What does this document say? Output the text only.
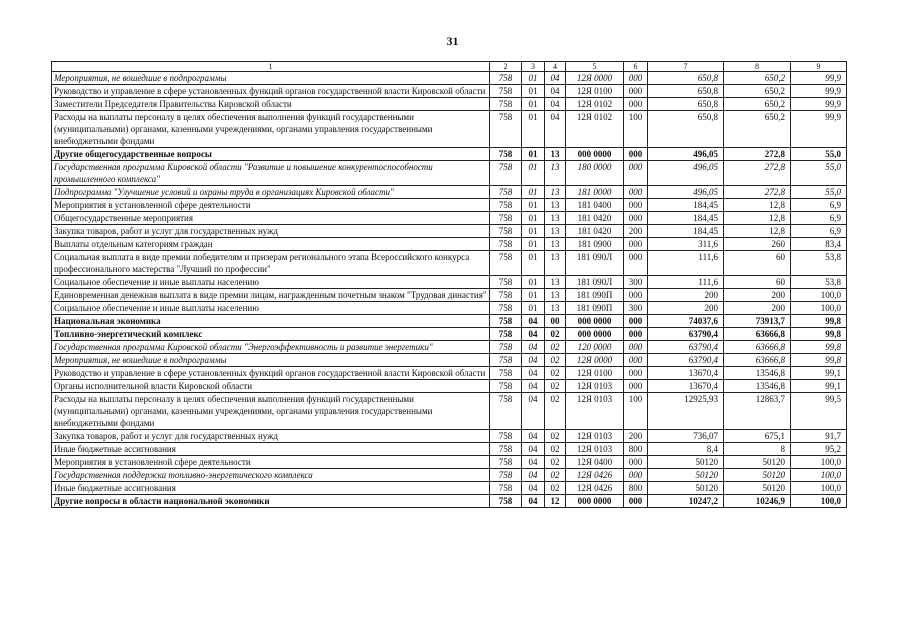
31
1	2	3	4	5	6	7	8	9
Мероприятия, не вошедшие в подпрограммы	758	01	04	12Я 0000	000	650,8	650,2	99,9
Руководство и управление в сфере установленных функций органов государственной власти Кировской области	758	01	04	12Я 0100	000	650,8	650,2	99,9
Заместители Председателя Правительства Кировской области	758	01	04	12Я 0102	000	650,8	650,2	99,9
Расходы на выплаты персоналу в целях обеспечения выполнения функций государственными (муниципальными) органами, казенными учреждениями, органами управления государственными внебюджетными фондами	758	01	04	12Я 0102	100	650,8	650,2	99,9
Другие общегосударственные вопросы	758	01	13	000 0000	000	496,05	272,8	55,0
Государственная программа Кировской области "Развитие и повышение конкурентоспособности промышленного комплекса"	758	01	13	180 0000	000	496,05	272,8	55,0
Подпрограмма "Улучшение условий и охраны труда в организациях Кировской области"	758	01	13	181 0000	000	496,05	272,8	55,0
Мероприятия в установленной сфере деятельности	758	01	13	181 0400	000	184,45	12,8	6,9
Общегосударственные мероприятия	758	01	13	181 0420	000	184,45	12,8	6,9
Закупка товаров, работ и услуг для государственных нужд	758	01	13	181 0420	200	184,45	12,8	6,9
Выплаты отдельным категориям граждан	758	01	13	181 0900	000	311,6	260	83,4
Социальная выплата в виде премии победителям и призерам регионального этапа Всероссийского конкурса профессионального мастерства "Лучший по профессии"	758	01	13	181 090Л	000	111,6	60	53,8
Социальное обеспечение и иные выплаты населению	758	01	13	181 090Л	300	111,6	60	53,8
Единовременная денежная выплата в виде премии лицам, награжденным почетным знаком "Трудовая династия"	758	01	13	181 090П	000	200	200	100,0
Социальное обеспечение и иные выплаты населению	758	01	13	181 090П	300	200	200	100,0
Национальная экономика	758	04	00	000 0000	000	74037,6	73913,7	99,8
Топливно-энергетический комплекс	758	04	02	000 0000	000	63790,4	63666,8	99,8
Государственная программа Кировской области "Энергоэффективность и развитие энергетики"	758	04	02	120 0000	000	63790,4	63666,8	99,8
Мероприятия, не вошедшие в подпрограммы	758	04	02	12Я 0000	000	63790,4	63666,8	99,8
Руководство и управление в сфере установленных функций органов государственной власти Кировской области	758	04	02	12Я 0100	000	13670,4	13546,8	99,1
Органы исполнительной власти Кировской области	758	04	02	12Я 0103	000	13670,4	13546,8	99,1
Расходы на выплаты персоналу в целях обеспечения выполнения функций государственными (муниципальными) органами, казенными учреждениями, органами управления государственными внебюджетными фондами	758	04	02	12Я 0103	100	12925,93	12863,7	99,5
Закупка товаров, работ и услуг для государственных нужд	758	04	02	12Я 0103	200	736,07	675,1	91,7
Иные бюджетные ассигнования	758	04	02	12Я 0103	800	8,4	8	95,2
Мероприятия в установленной сфере деятельности	758	04	02	12Я 0400	000	50120	50120	100,0
Государственная поддержка топливно-энергетического комплекса	758	04	02	12Я 0426	000	50120	50120	100,0
Иные бюджетные ассигнования	758	04	02	12Я 0426	800	50120	50120	100,0
Другие вопросы в области национальной экономики	758	04	12	000 0000	000	10247,2	10246,9	100,0
